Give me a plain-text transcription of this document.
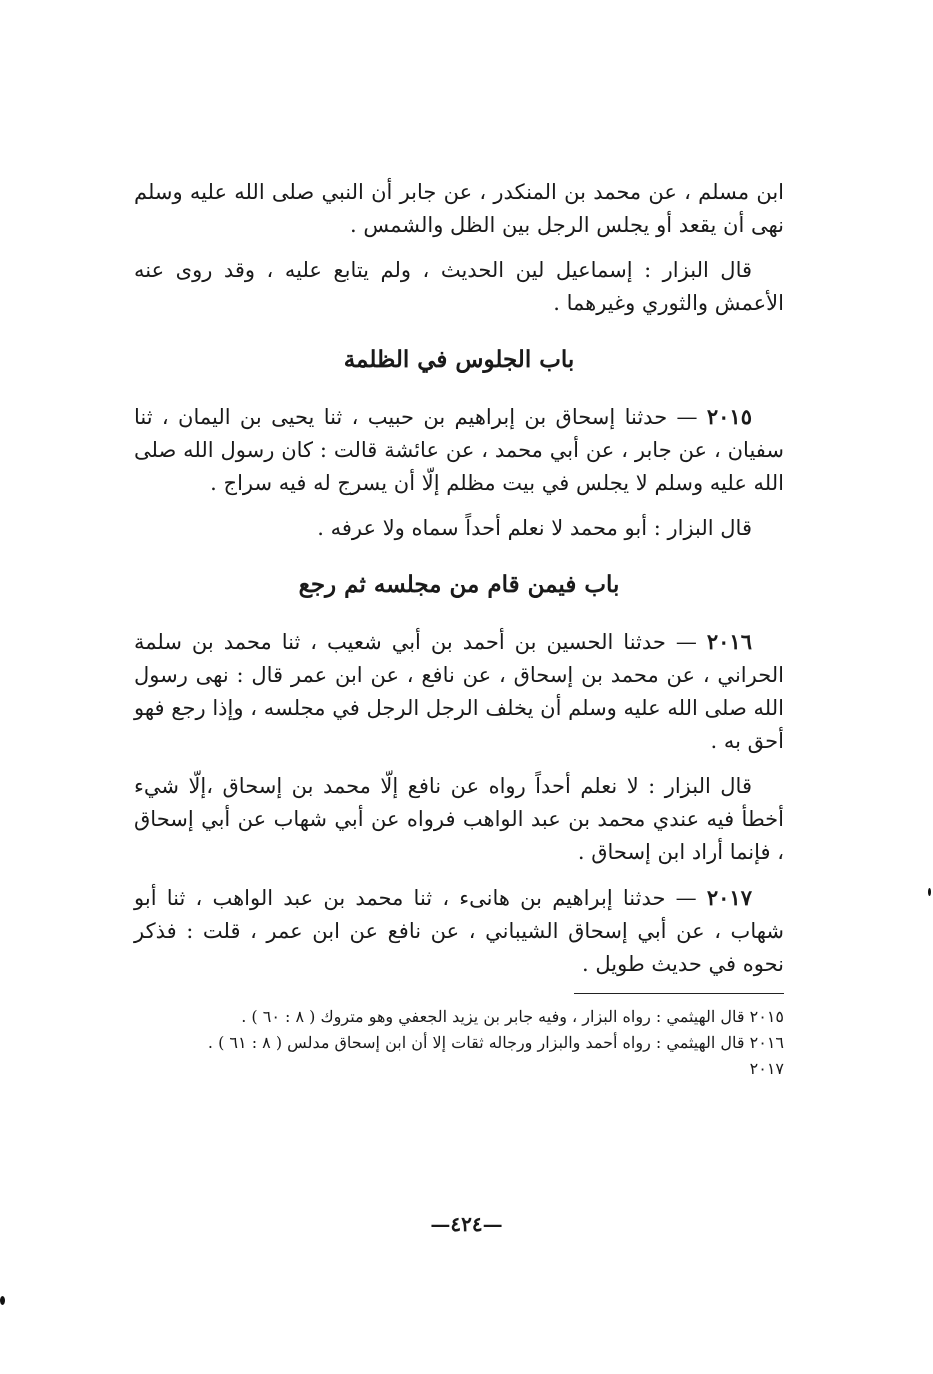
ابن مسلم ، عن محمد بن المنكدر ، عن جابر أن النبي صلى الله عليه وسلم نهى أن يقعد أو يجلس الرجل بين الظل والشمس .

قال البزار : إسماعيل لين الحديث ، ولم يتابع عليه ، وقد روى عنه الأعمش والثوري وغيرهما .

باب الجلوس في الظلمة

٢٠١٥ — حدثنا إسحاق بن إبراهيم بن حبيب ، ثنا يحيى بن اليمان ، ثنا سفيان ، عن جابر ، عن أبي محمد ، عن عائشة قالت : كان رسول الله صلى الله عليه وسلم لا يجلس في بيت مظلم إلّا أن يسرج له فيه سراج .

قال البزار : أبو محمد لا نعلم أحداً سماه ولا عرفه .

باب فيمن قام من مجلسه ثم رجع

٢٠١٦ — حدثنا الحسين بن أحمد بن أبي شعيب ، ثنا محمد بن سلمة الحراني ، عن محمد بن إسحاق ، عن نافع ، عن ابن عمر قال : نهى رسول الله صلى الله عليه وسلم أن يخلف الرجل الرجل في مجلسه ، وإذا رجع فهو أحق به .

قال البزار : لا نعلم أحداً رواه عن نافع إلّا محمد بن إسحاق ،إلّا شيء أخطأ فيه عندي محمد بن عبد الواهب فرواه عن أبي شهاب عن أبي إسحاق ، فإنما أراد ابن إسحاق .

٢٠١٧ — حدثنا إبراهيم بن هانىء ، ثنا محمد بن عبد الواهب ، ثنا أبو شهاب ، عن أبي إسحاق الشيباني ، عن نافع عن ابن عمر ، قلت : فذكر نحوه في حديث طويل .

٢٠١٥ قال الهيثمي : رواه البزار ، وفيه جابر بن يزيد الجعفي وهو متروك ( ٨ : ٦٠ ) .

٢٠١٦ قال الهيثمي : رواه أحمد والبزار ورجاله ثقات إلا أن ابن إسحاق مدلس ( ٨ : ٦١ ) .

٢٠١٧

—٤٢٤—
